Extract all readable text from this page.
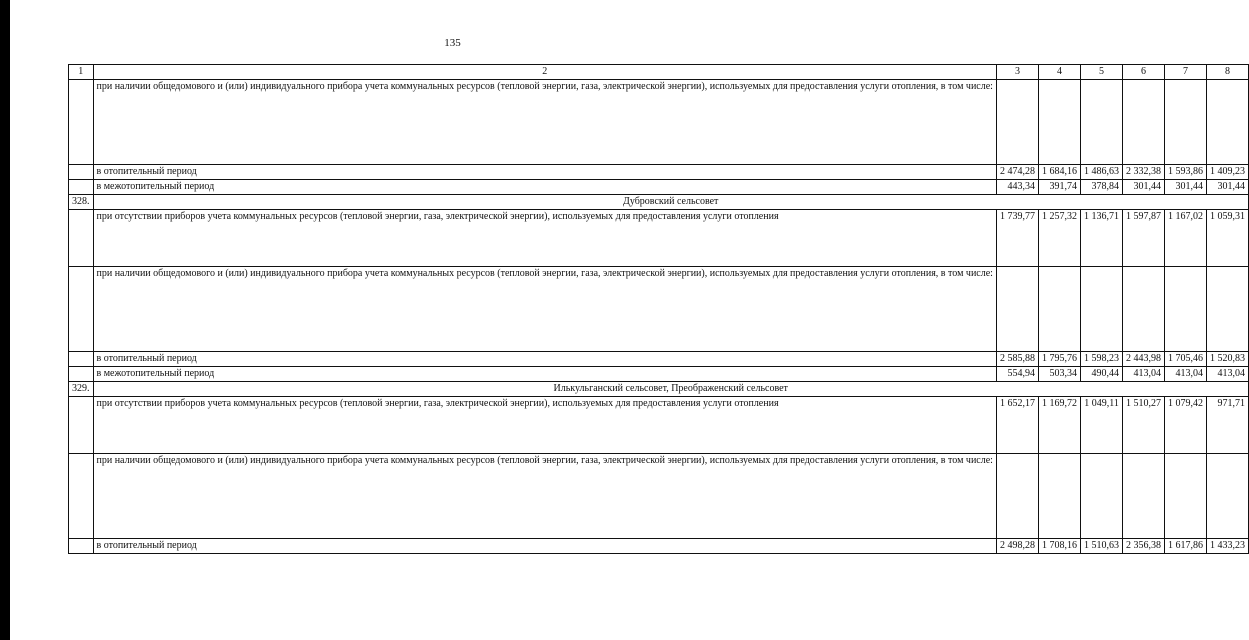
135
1	2	3	4	5	6	7	8
	при наличии общедомового и (или) индивидуального прибора учета коммунальных ресурсов (тепловой энергии, газа, электрической энергии), используемых для предоставления услуги отопления, в том числе:						
	в отопительный период	2 474,28	1 684,16	1 486,63	2 332,38	1 593,86	1 409,23
	в межотопительный период	443,34	391,74	378,84	301,44	301,44	301,44
328.	Дубровский сельсовет						
	при отсутствии приборов учета коммунальных ресурсов (тепловой энергии, газа, электрической энергии), используемых для предоставления услуги отопления	1 739,77	1 257,32	1 136,71	1 597,87	1 167,02	1 059,31
	при наличии общедомового и (или) индивидуального прибора учета коммунальных ресурсов (тепловой энергии, газа, электрической энергии), используемых для предоставления услуги отопления, в том числе:						
	в отопительный период	2 585,88	1 795,76	1 598,23	2 443,98	1 705,46	1 520,83
	в межотопительный период	554,94	503,34	490,44	413,04	413,04	413,04
329.	Илькульганский сельсовет, Преображенский сельсовет						
	при отсутствии приборов учета коммунальных ресурсов (тепловой энергии, газа, электрической энергии), используемых для предоставления услуги отопления	1 652,17	1 169,72	1 049,11	1 510,27	1 079,42	971,71
	при наличии общедомового и (или) индивидуального прибора учета коммунальных ресурсов (тепловой энергии, газа, электрической энергии), используемых для предоставления услуги отопления, в том числе:						
	в отопительный период	2 498,28	1 708,16	1 510,63	2 356,38	1 617,86	1 433,23
